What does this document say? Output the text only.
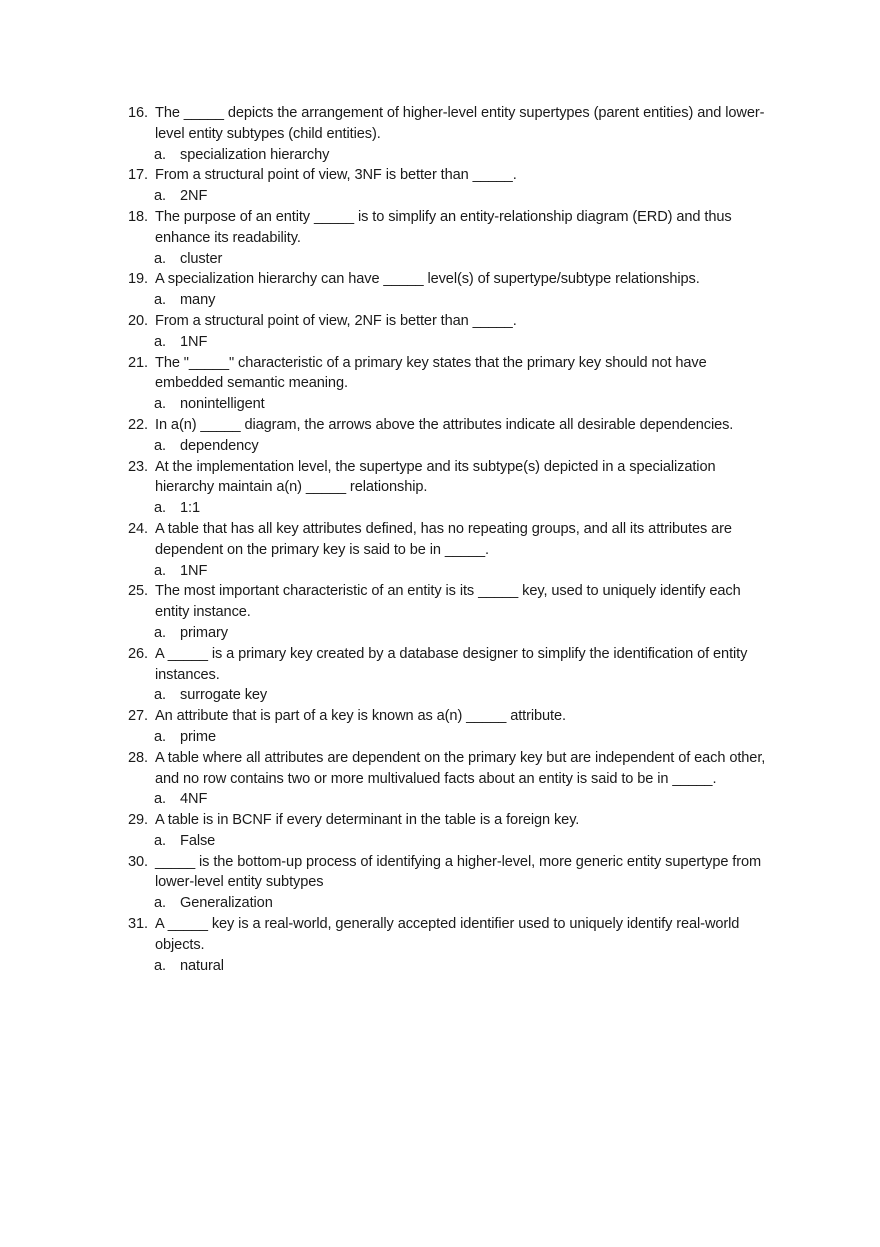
16. The _____ depicts the arrangement of higher-level entity supertypes (parent entities) and lower-level entity subtypes (child entities).
a. specialization hierarchy
17. From a structural point of view, 3NF is better than _____.
a. 2NF
18. The purpose of an entity _____ is to simplify an entity-relationship diagram (ERD) and thus enhance its readability.
a. cluster
19. A specialization hierarchy can have _____ level(s) of supertype/subtype relationships.
a. many
20. From a structural point of view, 2NF is better than _____.
a. 1NF
21. The "_____" characteristic of a primary key states that the primary key should not have embedded semantic meaning.
a. nonintelligent
22. In a(n) _____ diagram, the arrows above the attributes indicate all desirable dependencies.
a. dependency
23. At the implementation level, the supertype and its subtype(s) depicted in a specialization hierarchy maintain a(n) _____ relationship.
a. 1:1
24. A table that has all key attributes defined, has no repeating groups, and all its attributes are dependent on the primary key is said to be in _____.
a. 1NF
25. The most important characteristic of an entity is its _____ key, used to uniquely identify each entity instance.
a. primary
26. A _____ is a primary key created by a database designer to simplify the identification of entity instances.
a. surrogate key
27. An attribute that is part of a key is known as a(n) _____ attribute.
a. prime
28. A table where all attributes are dependent on the primary key but are independent of each other, and no row contains two or more multivalued facts about an entity is said to be in _____.
a. 4NF
29. A table is in BCNF if every determinant in the table is a foreign key.
a. False
30. _____ is the bottom-up process of identifying a higher-level, more generic entity supertype from lower-level entity subtypes
a. Generalization
31. A _____ key is a real-world, generally accepted identifier used to uniquely identify real-world objects.
a. natural
